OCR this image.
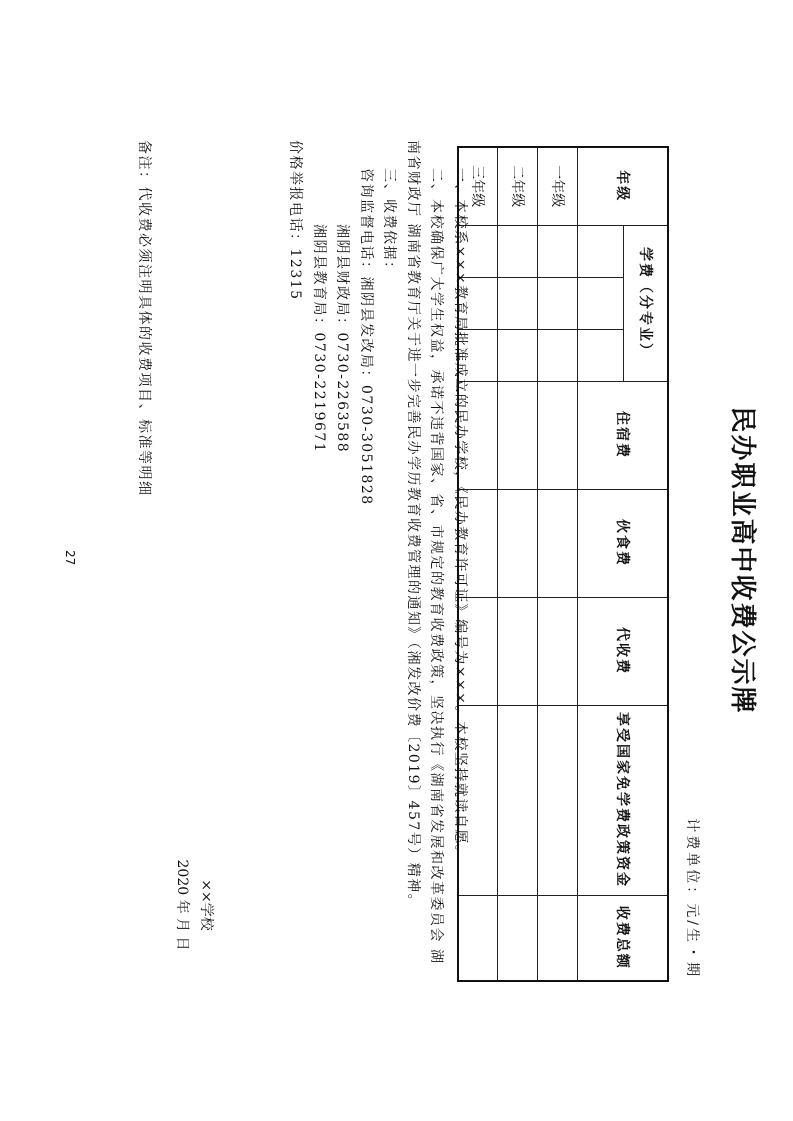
民办职业高中收费公示牌
计费单位：元/生・期
年级	学费（分专业）			住宿费	伙食费	代收费	享受国家免学费政策资金	收费总额

一年级								
二年级								
三年级								
一、本校系×××教育局批准成立的民办学校，《民办教育许可证》编号为×××。本校坚持就读自愿。
二、本校确保广大学生权益，承诺不违背国家、省、市规定的教育收费政策，坚决执行《湖南省发展和改革委员会 湖
南省财政厅 湖南省教育厅关于进一步完善民办学历教育收费管理的通知》（湘发改价费〔2019〕457号）精神。
三、收费依据：
咨询监督电话：湘阴县发改局：0730-3051828
湘阴县财政局：0730-2263588
湘阴县教育局：0730-2219671
价格举报电话：12315
××学校
2020 年 月 日
备注：代收费必须注明具体的收费项目、标准等明细
27
